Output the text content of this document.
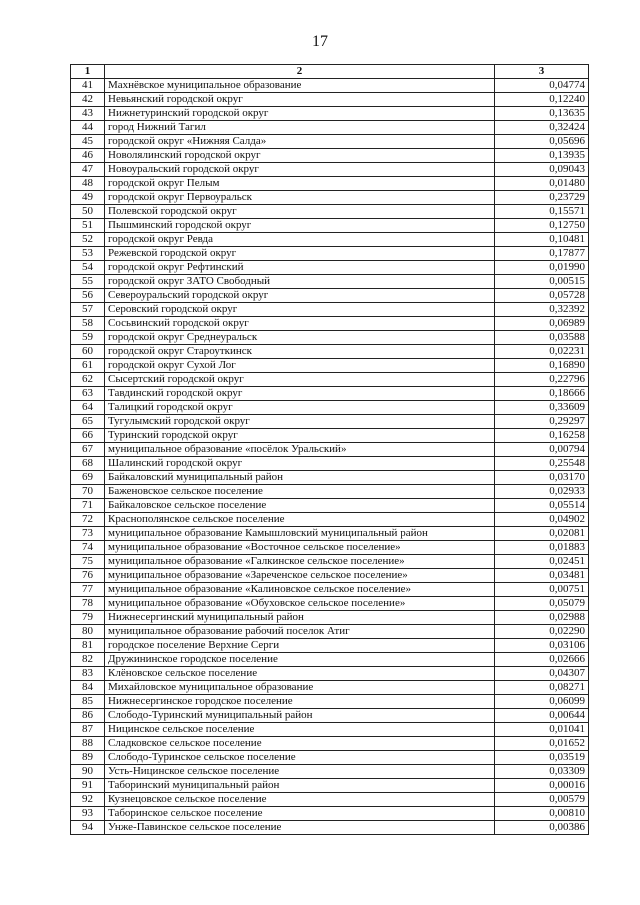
17
1	2	3
41	Махнёвское муниципальное образование	0,04774
42	Невьянский городской округ	0,12240
43	Нижнетуринский городской округ	0,13635
44	город Нижний Тагил	0,32424
45	городской округ «Нижняя Салда»	0,05696
46	Новолялинский городской округ	0,13935
47	Новоуральский городской округ	0,09043
48	городской округ Пелым	0,01480
49	городской округ Первоуральск	0,23729
50	Полевской городской округ	0,15571
51	Пышминский городской округ	0,12750
52	городской округ Ревда	0,10481
53	Режевской городской округ	0,17877
54	городской округ Рефтинский	0,01990
55	городской округ ЗАТО Свободный	0,00515
56	Североуральский городской округ	0,05728
57	Серовский городской округ	0,32392
58	Сосьвинский городской округ	0,06989
59	городской округ Среднеуральск	0,03588
60	городской округ Староуткинск	0,02231
61	городской округ Сухой Лог	0,16890
62	Сысертский городской округ	0,22796
63	Тавдинский городской округ	0,18666
64	Талицкий городской округ	0,33609
65	Тугулымский городской округ	0,29297
66	Туринский городской округ	0,16258
67	муниципальное образование «посёлок Уральский»	0,00794
68	Шалинский городской округ	0,25548
69	Байкаловский муниципальный район	0,03170
70	Баженовское сельское поселение	0,02933
71	Байкаловское сельское поселение	0,05514
72	Краснополянское сельское поселение	0,04902
73	муниципальное образование Камышловский муниципальный район	0,02081
74	муниципальное образование «Восточное сельское поселение»	0,01883
75	муниципальное образование «Галкинское сельское поселение»	0,02451
76	муниципальное образование «Зареченское сельское поселение»	0,03481
77	муниципальное образование «Калиновское сельское поселение»	0,00751
78	муниципальное образование «Обуховское сельское поселение»	0,05079
79	Нижнесергинский муниципальный район	0,02988
80	муниципальное образование рабочий поселок Атиг	0,02290
81	городское поселение Верхние Серги	0,03106
82	Дружининское городское поселение	0,02666
83	Клёновское сельское поселение	0,04307
84	Михайловское муниципальное образование	0,08271
85	Нижнесергинское городское поселение	0,06099
86	Слободо-Туринский муниципальный район	0,00644
87	Ницинское сельское поселение	0,01041
88	Сладковское сельское поселение	0,01652
89	Слободо-Туринское сельское поселение	0,03519
90	Усть-Ницинское сельское поселение	0,03309
91	Таборинский муниципальный район	0,00016
92	Кузнецовское сельское поселение	0,00579
93	Таборинское сельское поселение	0,00810
94	Унже-Павинское сельское поселение	0,00386
